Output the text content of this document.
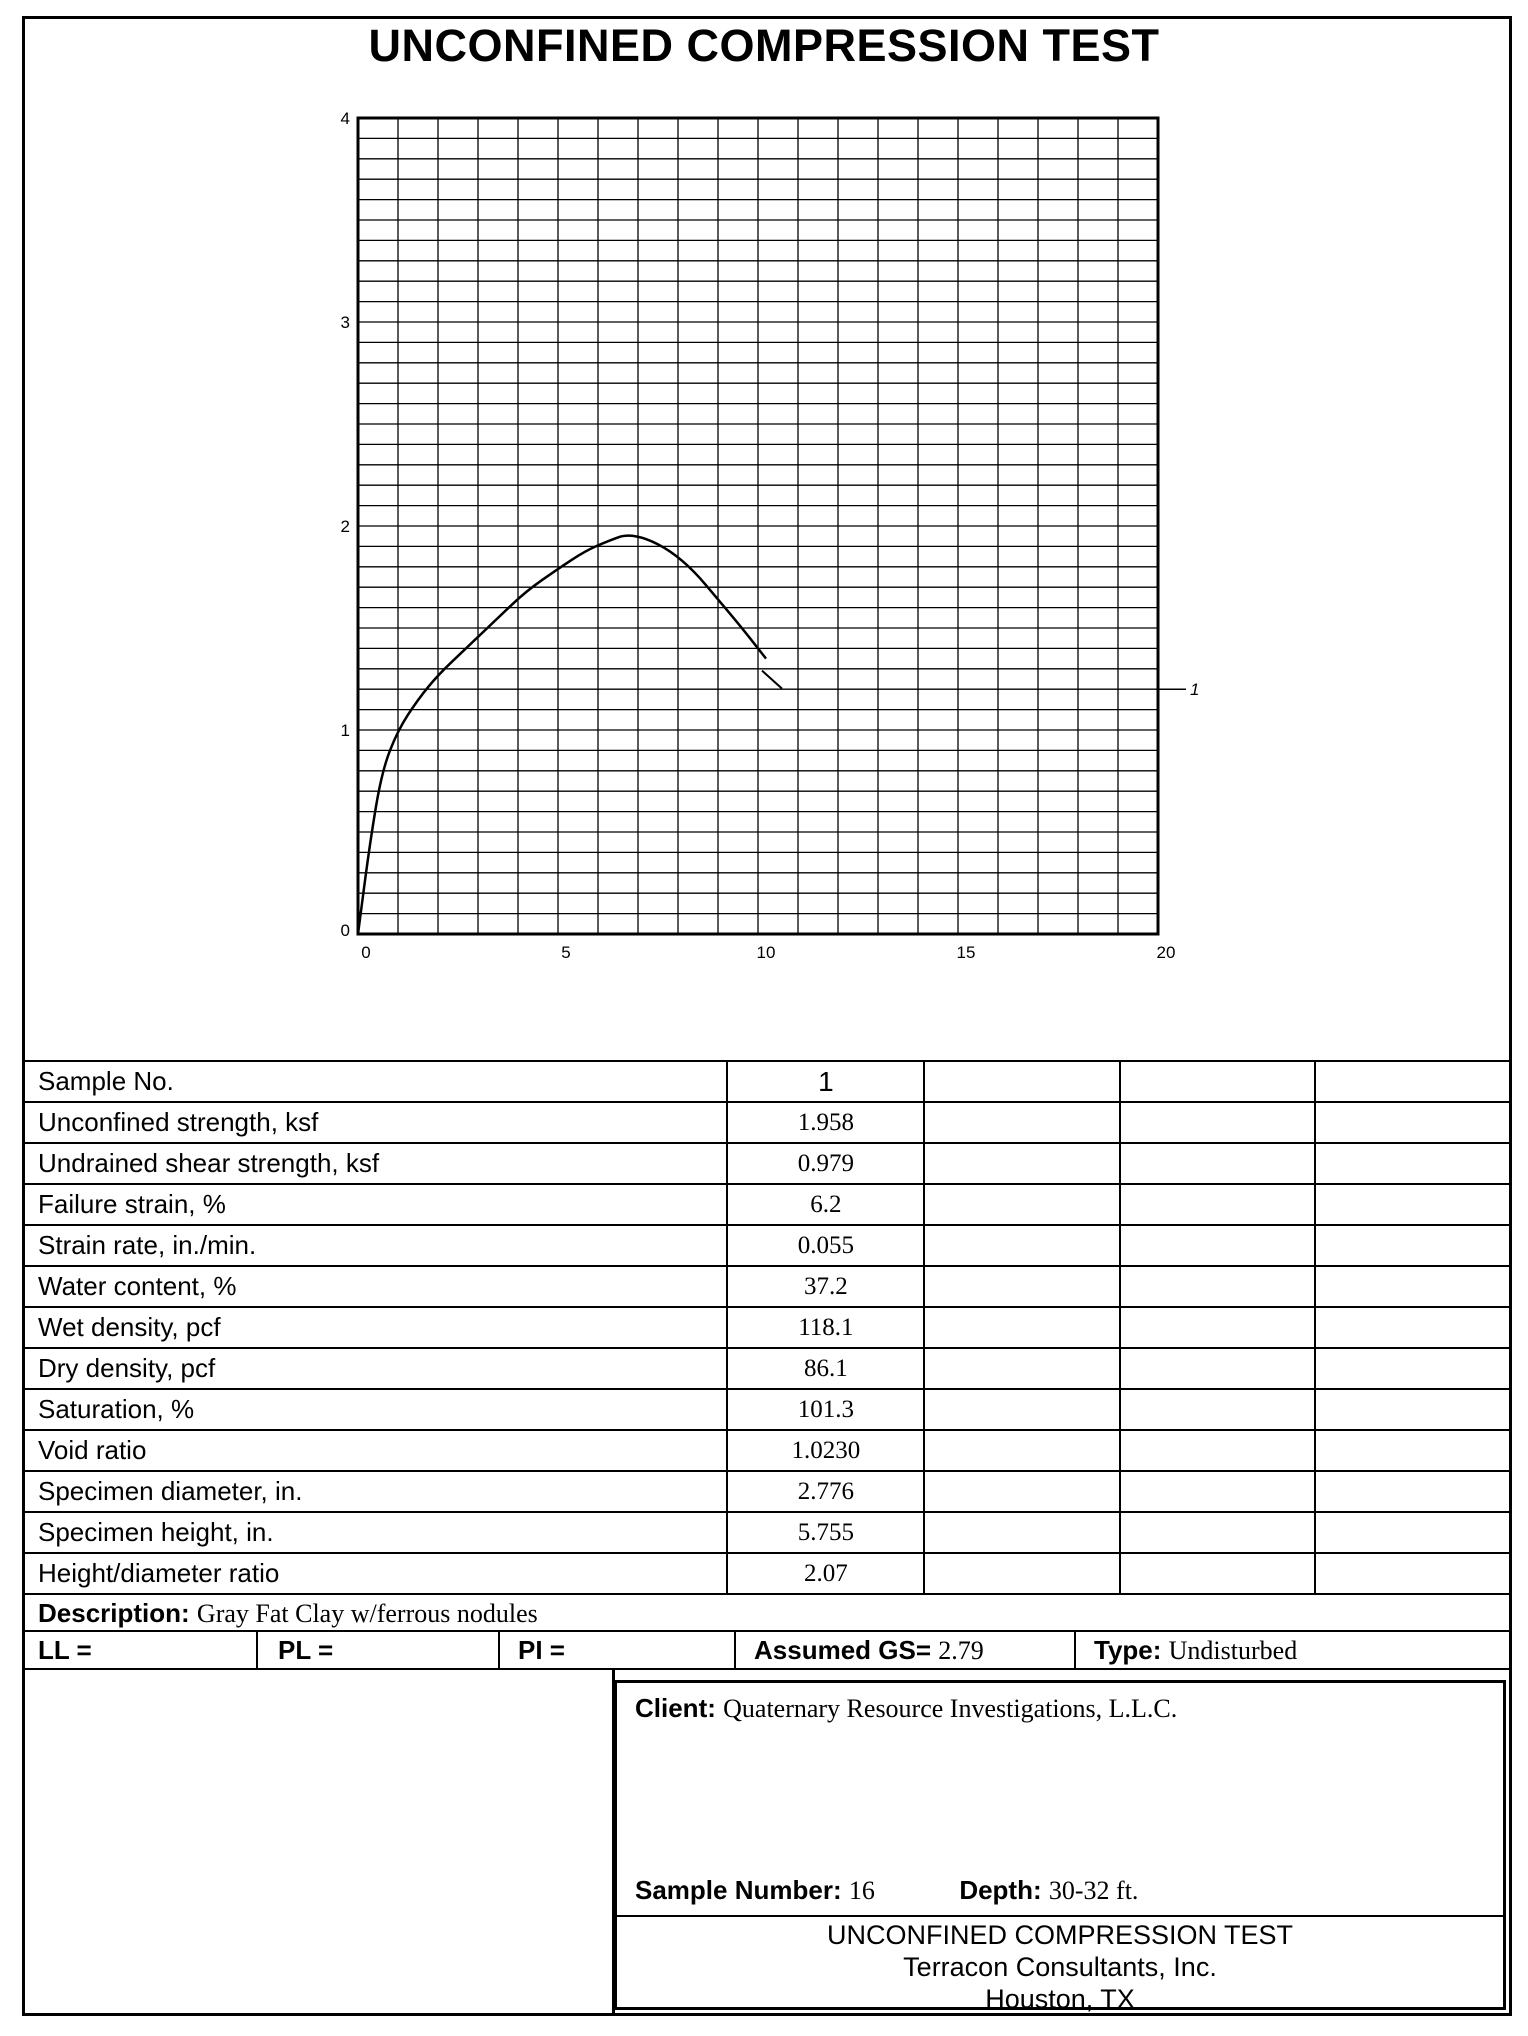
UNCONFINED COMPRESSION TEST
0	5	10	15	20
0
1
2
3
4
1
Sample No.	1			
Unconfined strength, ksf	1.958			
Undrained shear strength, ksf	0.979			
Failure strain, %	6.2			
Strain rate, in./min.	0.055			
Water content, %	37.2			
Wet density, pcf	118.1			
Dry density, pcf	86.1			
Saturation, %	101.3			
Void ratio	1.0230			
Specimen diameter, in.	2.776			
Specimen height, in.	5.755			
Height/diameter ratio	2.07			
Description: Gray Fat Clay w/ferrous nodules
LL =	PL =	PI =	Assumed GS= 2.79	Type: Undisturbed
Client: Quaternary Resource Investigations, L.L.C.
Sample Number: 16	Depth: 30-32 ft.
UNCONFINED COMPRESSION TEST
Terracon Consultants, Inc.
Houston, TX
